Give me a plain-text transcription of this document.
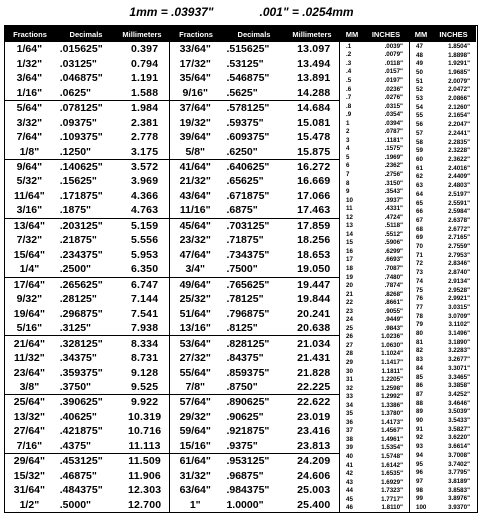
1mm = .03937"	.001" = .0254mm
Fractions	Decimals	Millimeters
1/64"	.015625"	0.397
1/32"	.03125"	0.794
3/64"	.046875"	1.191
1/16"	.0625"	1.588
5/64"	.078125"	1.984
3/32"	.09375"	2.381
7/64"	.109375"	2.778
1/8"	.1250"	3.175
9/64"	.140625"	3.572
5/32"	.15625"	3.969
11/64"	.171875"	4.366
3/16"	.1875"	4.763
13/64"	.203125"	5.159
7/32"	.21875"	5.556
15/64"	.234375"	5.953
1/4"	.2500"	6.350
17/64"	.265625"	6.747
9/32"	.28125"	7.144
19/64"	.296875"	7.541
5/16"	.3125"	7.938
21/64"	.328125"	8.334
11/32"	.34375"	8.731
23/64"	.359375"	9.128
3/8"	.3750"	9.525
25/64"	.390625"	9.922
13/32"	.40625"	10.319
27/64"	.421875"	10.716
7/16"	.4375"	11.113
29/64"	.453125"	11.509
15/32"	.46875"	11.906
31/64"	.484375"	12.303
1/2"	.5000"	12.700
Fractions	Decimals	Millimeters
33/64"	.515625"	13.097
17/32"	.53125"	13.494
35/64"	.546875"	13.891
9/16"	.5625"	14.288
37/64"	.578125"	14.684
19/32"	.59375"	15.081
39/64"	.609375"	15.478
5/8"	.6250"	15.875
41/64"	.640625"	16.272
21/32"	.65625"	16.669
43/64"	.671875"	17.066
11/16"	.6875"	17.463
45/64"	.703125"	17.859
23/32"	.71875"	18.256
47/64"	.734375"	18.653
3/4"	.7500"	19.050
49/64"	.765625"	19.447
25/32"	.78125"	19.844
51/64"	.796875"	20.241
13/16"	.8125"	20.638
53/64"	.828125"	21.034
27/32"	.84375"	21.431
55/64"	.859375"	21.828
7/8"	.8750"	22.225
57/64"	.890625"	22.622
29/32"	.90625"	23.019
59/64"	.921875"	23.416
15/16"	.9375"	23.813
61/64"	.953125"	24.209
31/32"	.96875"	24.606
63/64"	.984375"	25.003
1"	1.0000"	25.400
MM	INCHES
.1	.0039"
.2	.0079"
.3	.0118"
.4	.0157"
.5	.0197"
.6	.0236"
.7	.0276"
.8	.0315"
.9	.0354"
1	.0394"
2	.0787"
3	.1181"
4	.1575"
5	.1969"
6	.2362"
7	.2756"
8	.3150"
9	.3543"
10	.3937"
11	.4331"
12	.4724"
13	.5118"
14	.5512"
15	.5906"
16	.6299"
17	.6693"
18	.7087"
19	.7480"
20	.7874"
21	.8268"
22	.8661"
23	.9055"
24	.9449"
25	.9843"
26	1.0236"
27	1.0630"
28	1.1024"
29	1.1417"
30	1.1811"
31	1.2205"
32	1.2598"
33	1.2992"
34	1.3386"
35	1.3780"
36	1.4173"
37	1.4567"
38	1.4961"
39	1.5354"
40	1.5748"
41	1.6142"
42	1.6535"
43	1.6929"
44	1.7323"
45	1.7717"
46	1.8110"
MM	INCHES
47	1.8504"
48	1.8898"
49	1.9291"
50	1.9685"
51	2.0079"
52	2.0472"
53	2.0866"
54	2.1260"
55	2.1654"
56	2.2047"
57	2.2441"
58	2.2835"
59	2.3228"
60	2.3622"
61	2.4016"
62	2.4409"
63	2.4803"
64	2.5197"
65	2.5591"
66	2.5984"
67	2.6378"
68	2.6772"
69	2.7165"
70	2.7559"
71	2.7953"
72	2.8346"
73	2.8740"
74	2.9134"
75	2.9528"
76	2.9921"
77	3.0315"
78	3.0709"
79	3.1102"
80	3.1496"
81	3.1890"
82	3.2283"
83	3.2677"
84	3.3071"
85	3.3465"
86	3.3858"
87	3.4252"
88	3.4646"
89	3.5039"
90	3.5433"
91	3.5827"
92	3.6220"
93	3.6614"
94	3.7008"
95	3.7402"
96	3.7795"
97	3.8189"
98	3.8583"
99	3.8976"
100	3.9370"
